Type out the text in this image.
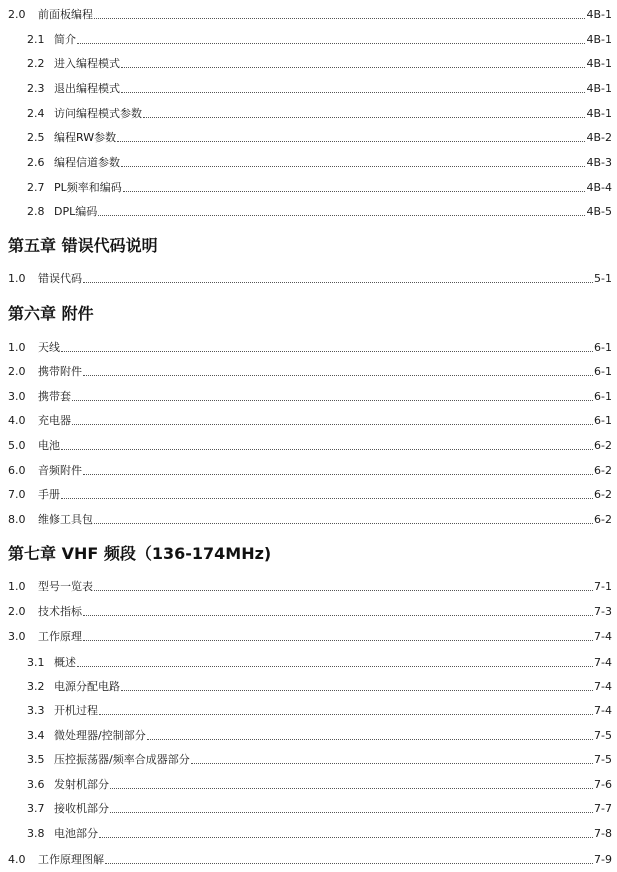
2.0	前面板编程	4B-1
2.1 简介	4B-1
2.2 进入编程模式	4B-1
2.3 退出编程模式	4B-1
2.4 访问编程模式参数	4B-1
2.5 编程RW参数	4B-2
2.6 编程信道参数	4B-3
2.7 PL频率和编码	4B-4
2.8 DPL编码	4B-5
第五章 错误代码说明
1.0	错误代码	5-1
第六章 附件
1.0	天线	6-1
2.0	携带附件	6-1
3.0	携带套	6-1
4.0	充电器	6-1
5.0	电池	6-2
6.0	音频附件	6-2
7.0	手册	6-2
8.0	维修工具包	6-2
第七章 VHF 频段（136-174MHz)
1.0	型号一览表	7-1
2.0	技术指标	7-3
3.0	工作原理	7-4
3.1 概述	7-4
3.2 电源分配电路	7-4
3.3 开机过程	7-4
3.4 微处理器/控制部分	7-5
3.5 压控振荡器/频率合成器部分	7-5
3.6 发射机部分	7-6
3.7 接收机部分	7-7
3.8 电池部分	7-8
4.0	工作原理图解	7-9
